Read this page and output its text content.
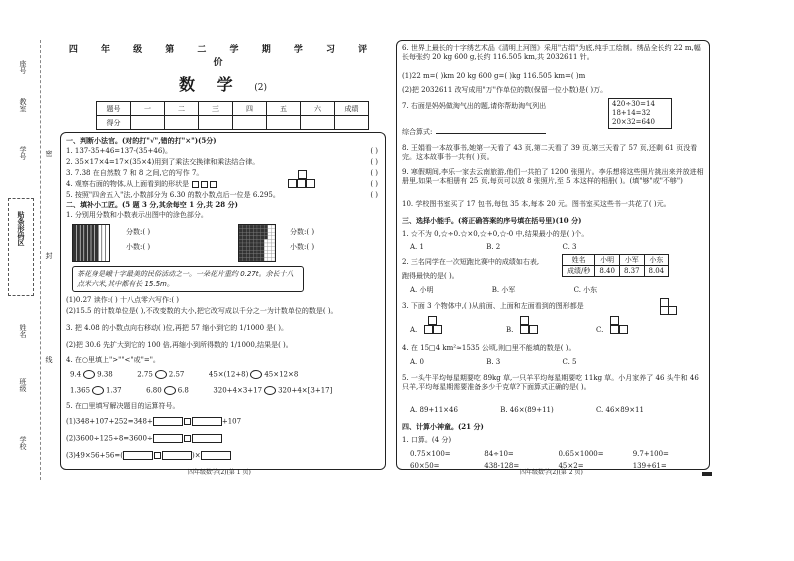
座号
教室
学号
贴条形码区
姓名
班级
学校
密
封
线
四 年 级 第 二 学 期 学 习 评 价
数 学 (2)
题号	一	二	三	四	五	六	成绩
得分							
一、判断小法官。(对的打"√",错的打"×")(5分)
1. 137-35+46=137-(35+46)。	( )
2. 35×17×4=17×(35×4)用到了乘法交换律和乘法结合律。	( )
3. 7.38 在自然数 7 和 8 之间,它的写作 7。	( )
4. 观察右面的物体,从上面看到的形状是	( )
5. 按照"四舍五入"法,小数部分为 6.30 的数小数点后一位是 6.295。	( )
二、填补小工匠。(5 题 3 分,其余每空 1 分,共 28 分)
1. 分别用分数和小数表示出图中的涂色部分。
分数:( )
小数:( )
分数:( )
小数:( )
茶花身是峨十字最美的民俗活动之一。一朵花片重约 0.27t。余长十八点米六米,其中都有长 15.5m。
(1)0.27 读作:( ) 十八点零六写作:( )
(2)15.5 的计数单位是( ),不改变数的大小,把它改写成以千分之一为计数单位的数是( )。
3. 把 4.08 的小数点向右移动( )位,再把 57 缩小到它的 1/1000 是( )。
(2)把 30.6 先扩大到它的 100 倍,再缩小到所得数的 1/1000,结果是( )。
4. 在○里填上">""<"或"="。
9.4 9.38	2.75 2.57	45×(12+8) 45×12×8
1.365 1.37	6.80 6.8	320+4×3+17 320+4×[3+17]
5. 在□里填写解决题目的运算符号。
(1)348+107+252=348+	+107
(2)3600÷125÷8=3600÷
(3)49×56+56=(	)×
四年级数学(2)(第 1 页)
6. 世界上最长的十字绣艺术品《清明上河图》采用"古绢"为底,纯手工绘制。绣品全长约 22 m,幅长每张约 20 kg 600 g,长约 116.505 km,共 2032611 针。
(1)22 m=( )km 20 kg 600 g=( )kg 116.505 km=( )m
(2)把 2032611 改写成用"万"作单位的数(保留一位小数)是( )万。
7. 右面是妈妈做淘气出的题,请你帮助淘气列出	420÷30=14
18+14=32
20×32=640
综合算式:
8. 王娟看一本故事书,她第一天看了 43 页,第二天看了 39 页,第三天看了 57 页,还剩 61 页没看完。这本故事书一共有( )页。
9. 寒假期间,李乐一家去云南旅游,他们一共拍了 1200 张照片。李乐想将这些照片挑出来并放进相册里,如果一本相册有 25 页,每页可以放 8 张照片,至 5 本这样的相册( )。(填"够"或"不够")
10. 学校图书室买了 17 包书,每包 35 本,每本 20 元。图书室买这些书一共花了( )元。
三、选择小能手。(将正确答案的序号填在括号里)(10 分)
1. ☆不为 0,☆÷0.☆×0,☆+0,☆-0 中,结果最小的是( )个。
A. 1	B. 2	C. 3
2. 三名同学在一次短跑比赛中的成绩如右表,
跑得最快的是( )。
姓名	小明	小军	小东
成绩/秒	8.40	8.37	8.04
A. 小明	B. 小军	C. 小东
3. 下面 3 个物体中,( )从前面、上面和左面看到的图形都是
A.	B.	C.
4. 在 15□4 km²≈1535 公顷,则□里不能填的数是( )。
A. 0	B. 3	C. 5
5. 一头牛平均每星期要吃 89kg 草,一只羊平均每星期要吃 11kg 草。小月家养了 46 头牛和 46 只羊,平均每星期需要准备多少千克草?下面算式正确的是( )。
A. 89+11×46	B. 46×(89+11)	C. 46×89×11
四、计算小神童。(21 分)
1. 口算。(4 分)
0.75×100=	84÷10=	0.65×1000=	9.7+100=
60×50=	438-128=	45×2=	139+61=
四年级数学(2)(第 2 页)
